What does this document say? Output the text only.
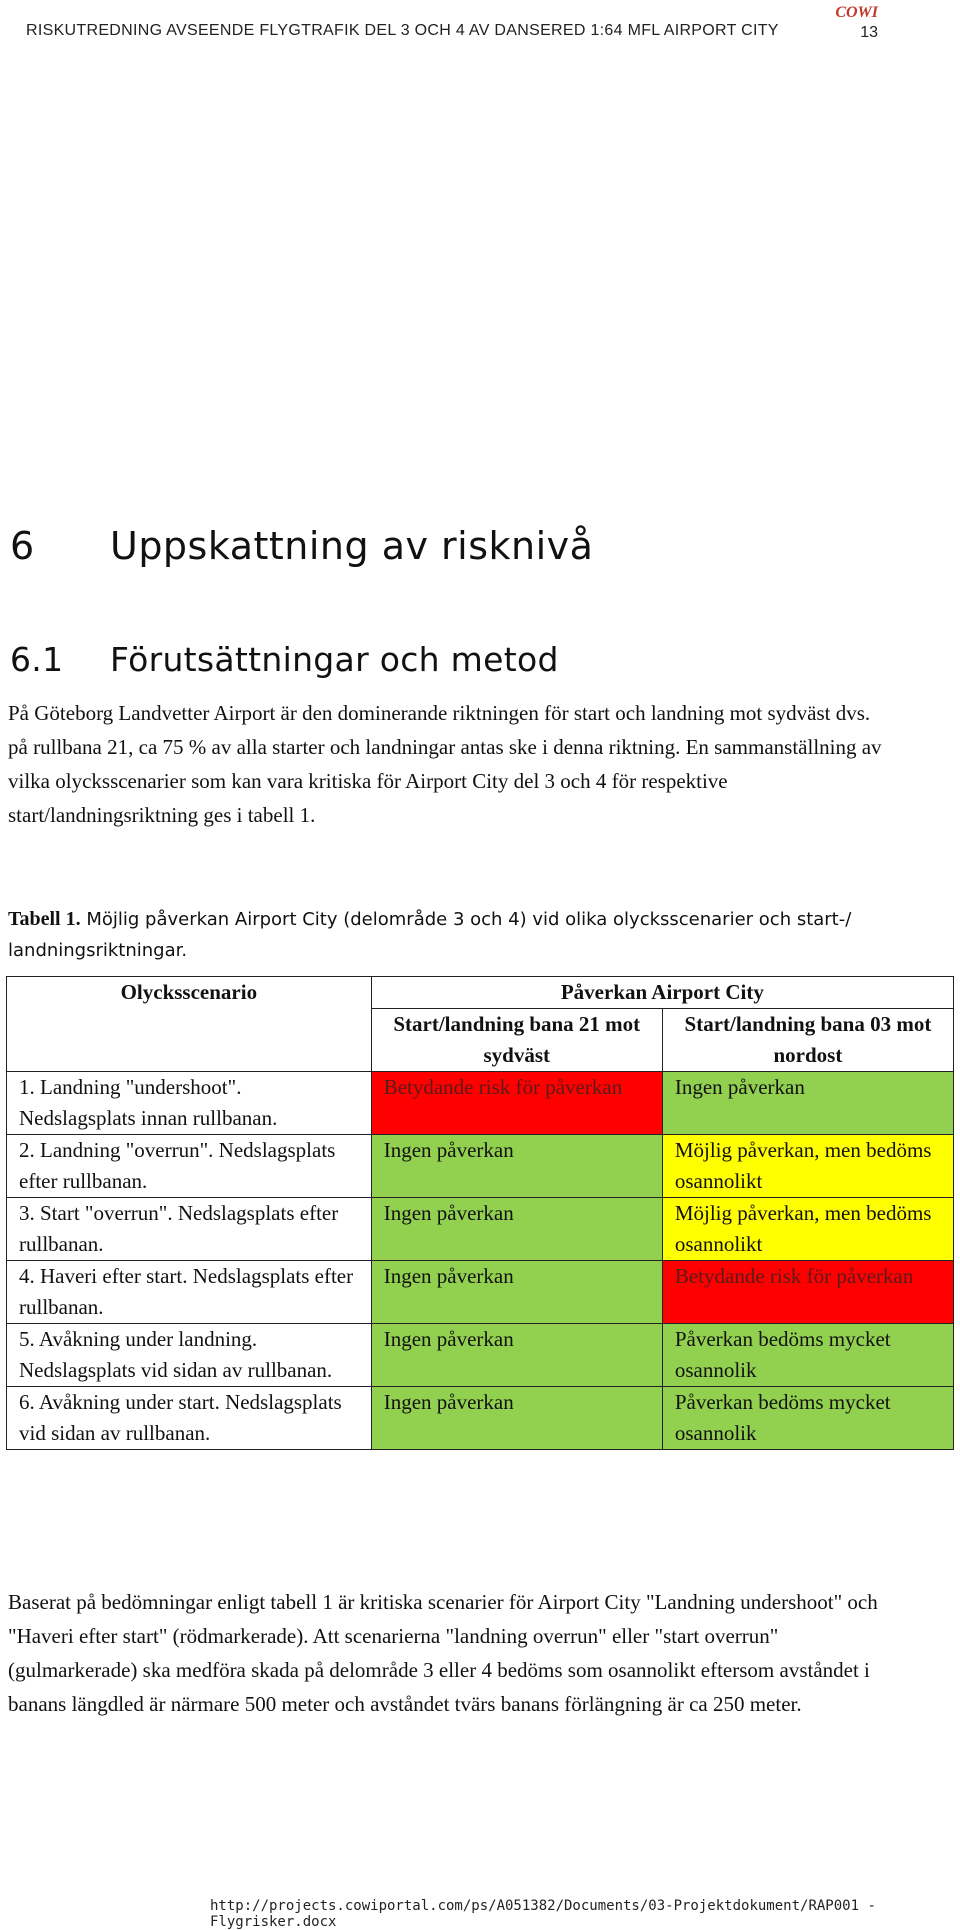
RISKUTREDNING AVSEENDE FLYGTRAFIK DEL 3 OCH 4 AV DANSERED 1:64 MFL AIRPORT CITY
COWI
13
6 Uppskattning av risknivå
6.1 Förutsättningar och metod

På Göteborg Landvetter Airport är den dominerande riktningen för start och landning mot sydväst dvs. på rullbana 21, ca 75 % av alla starter och landningar antas ske i denna riktning. En sammanställning av vilka olycksscenarier som kan vara kritiska för Airport City del 3 och 4 för respektive start/landningsriktning ges i tabell 1.

Tabell 1. Möjlig påverkan Airport City (delområde 3 och 4) vid olika olycksscenarier och start-/ landningsriktningar.

Olycksscenario	Påverkan Airport City	
	Start/landning bana 21 mot sydväst	Start/landning bana 03 mot nordost
1. Landning "undershoot". Nedslagsplats innan rullbanan.	Betydande risk för påverkan	Ingen påverkan
2. Landning "overrun". Nedslagsplats efter rullbanan.	Ingen påverkan	Möjlig påverkan, men bedöms osannolikt
3. Start "overrun". Nedslagsplats efter rullbanan.	Ingen påverkan	Möjlig påverkan, men bedöms osannolikt
4. Haveri efter start. Nedslagsplats efter rullbanan.	Ingen påverkan	Betydande risk för påverkan
5. Avåkning under landning. Nedslagsplats vid sidan av rullbanan.	Ingen påverkan	Påverkan bedöms mycket osannolik
6. Avåkning under start. Nedslagsplats vid sidan av rullbanan.	Ingen påverkan	Påverkan bedöms mycket osannolik

Baserat på bedömningar enligt tabell 1 är kritiska scenarier för Airport City "Landning undershoot" och "Haveri efter start" (rödmarkerade). Att scenarierna "landning overrun" eller "start overrun" (gulmarkerade) ska medföra skada på delområde 3 eller 4 bedöms som osannolikt eftersom avståndet i banans längdled är närmare 500 meter och avståndet tvärs banans förlängning är ca 250 meter.

http://projects.cowiportal.com/ps/A051382/Documents/03-Projektdokument/RAP001 - Flygrisker.docx
